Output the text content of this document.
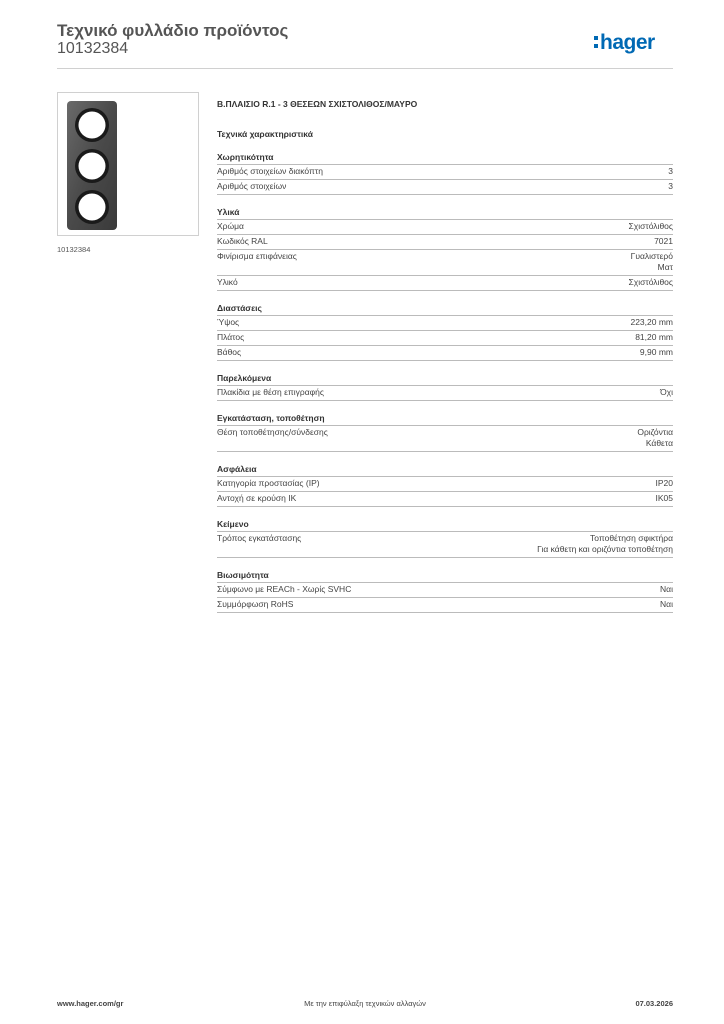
Τεχνικό φυλλάδιο προϊόντος
10132384	hager
10132384
Β.ΠΛΑΙΣΙΟ R.1 - 3 ΘΕΣΕΩΝ ΣΧΙΣΤΟΛΙΘΟΣ/ΜΑΥΡΟ
Τεχνικά χαρακτηριστικά
Χωρητικότητα
Αριθμός στοιχείων διακόπτη	3
Αριθμός στοιχείων	3
Υλικά
Χρώμα	Σχιστόλιθος
Κωδικός RAL	7021
Φινίρισμα επιφάνειας	Γυαλιστερό
Ματ
Υλικό	Σχιστόλιθος
Διαστάσεις
Ύψος	223,20 mm
Πλάτος	81,20 mm
Βάθος	9,90 mm
Παρελκόμενα
Πλακίδια με θέση επιγραφής	Όχι
Εγκατάσταση, τοποθέτηση
Θέση τοποθέτησης/σύνδεσης	Οριζόντια
Κάθετα
Ασφάλεια
Κατηγορία προστασίας (IP)	IP20
Αντοχή σε κρούση IK	IK05
Κείμενο
Τρόπος εγκατάστασης	Τοποθέτηση σφικτήρα
Για κάθετη και οριζόντια τοποθέτηση
Βιωσιμότητα
Σύμφωνο με REACh - Χωρίς SVHC	Ναι
Συμμόρφωση RoHS	Ναι
www.hager.com/gr	Με την επιφύλαξη τεχνικών αλλαγών	07.03.2026
